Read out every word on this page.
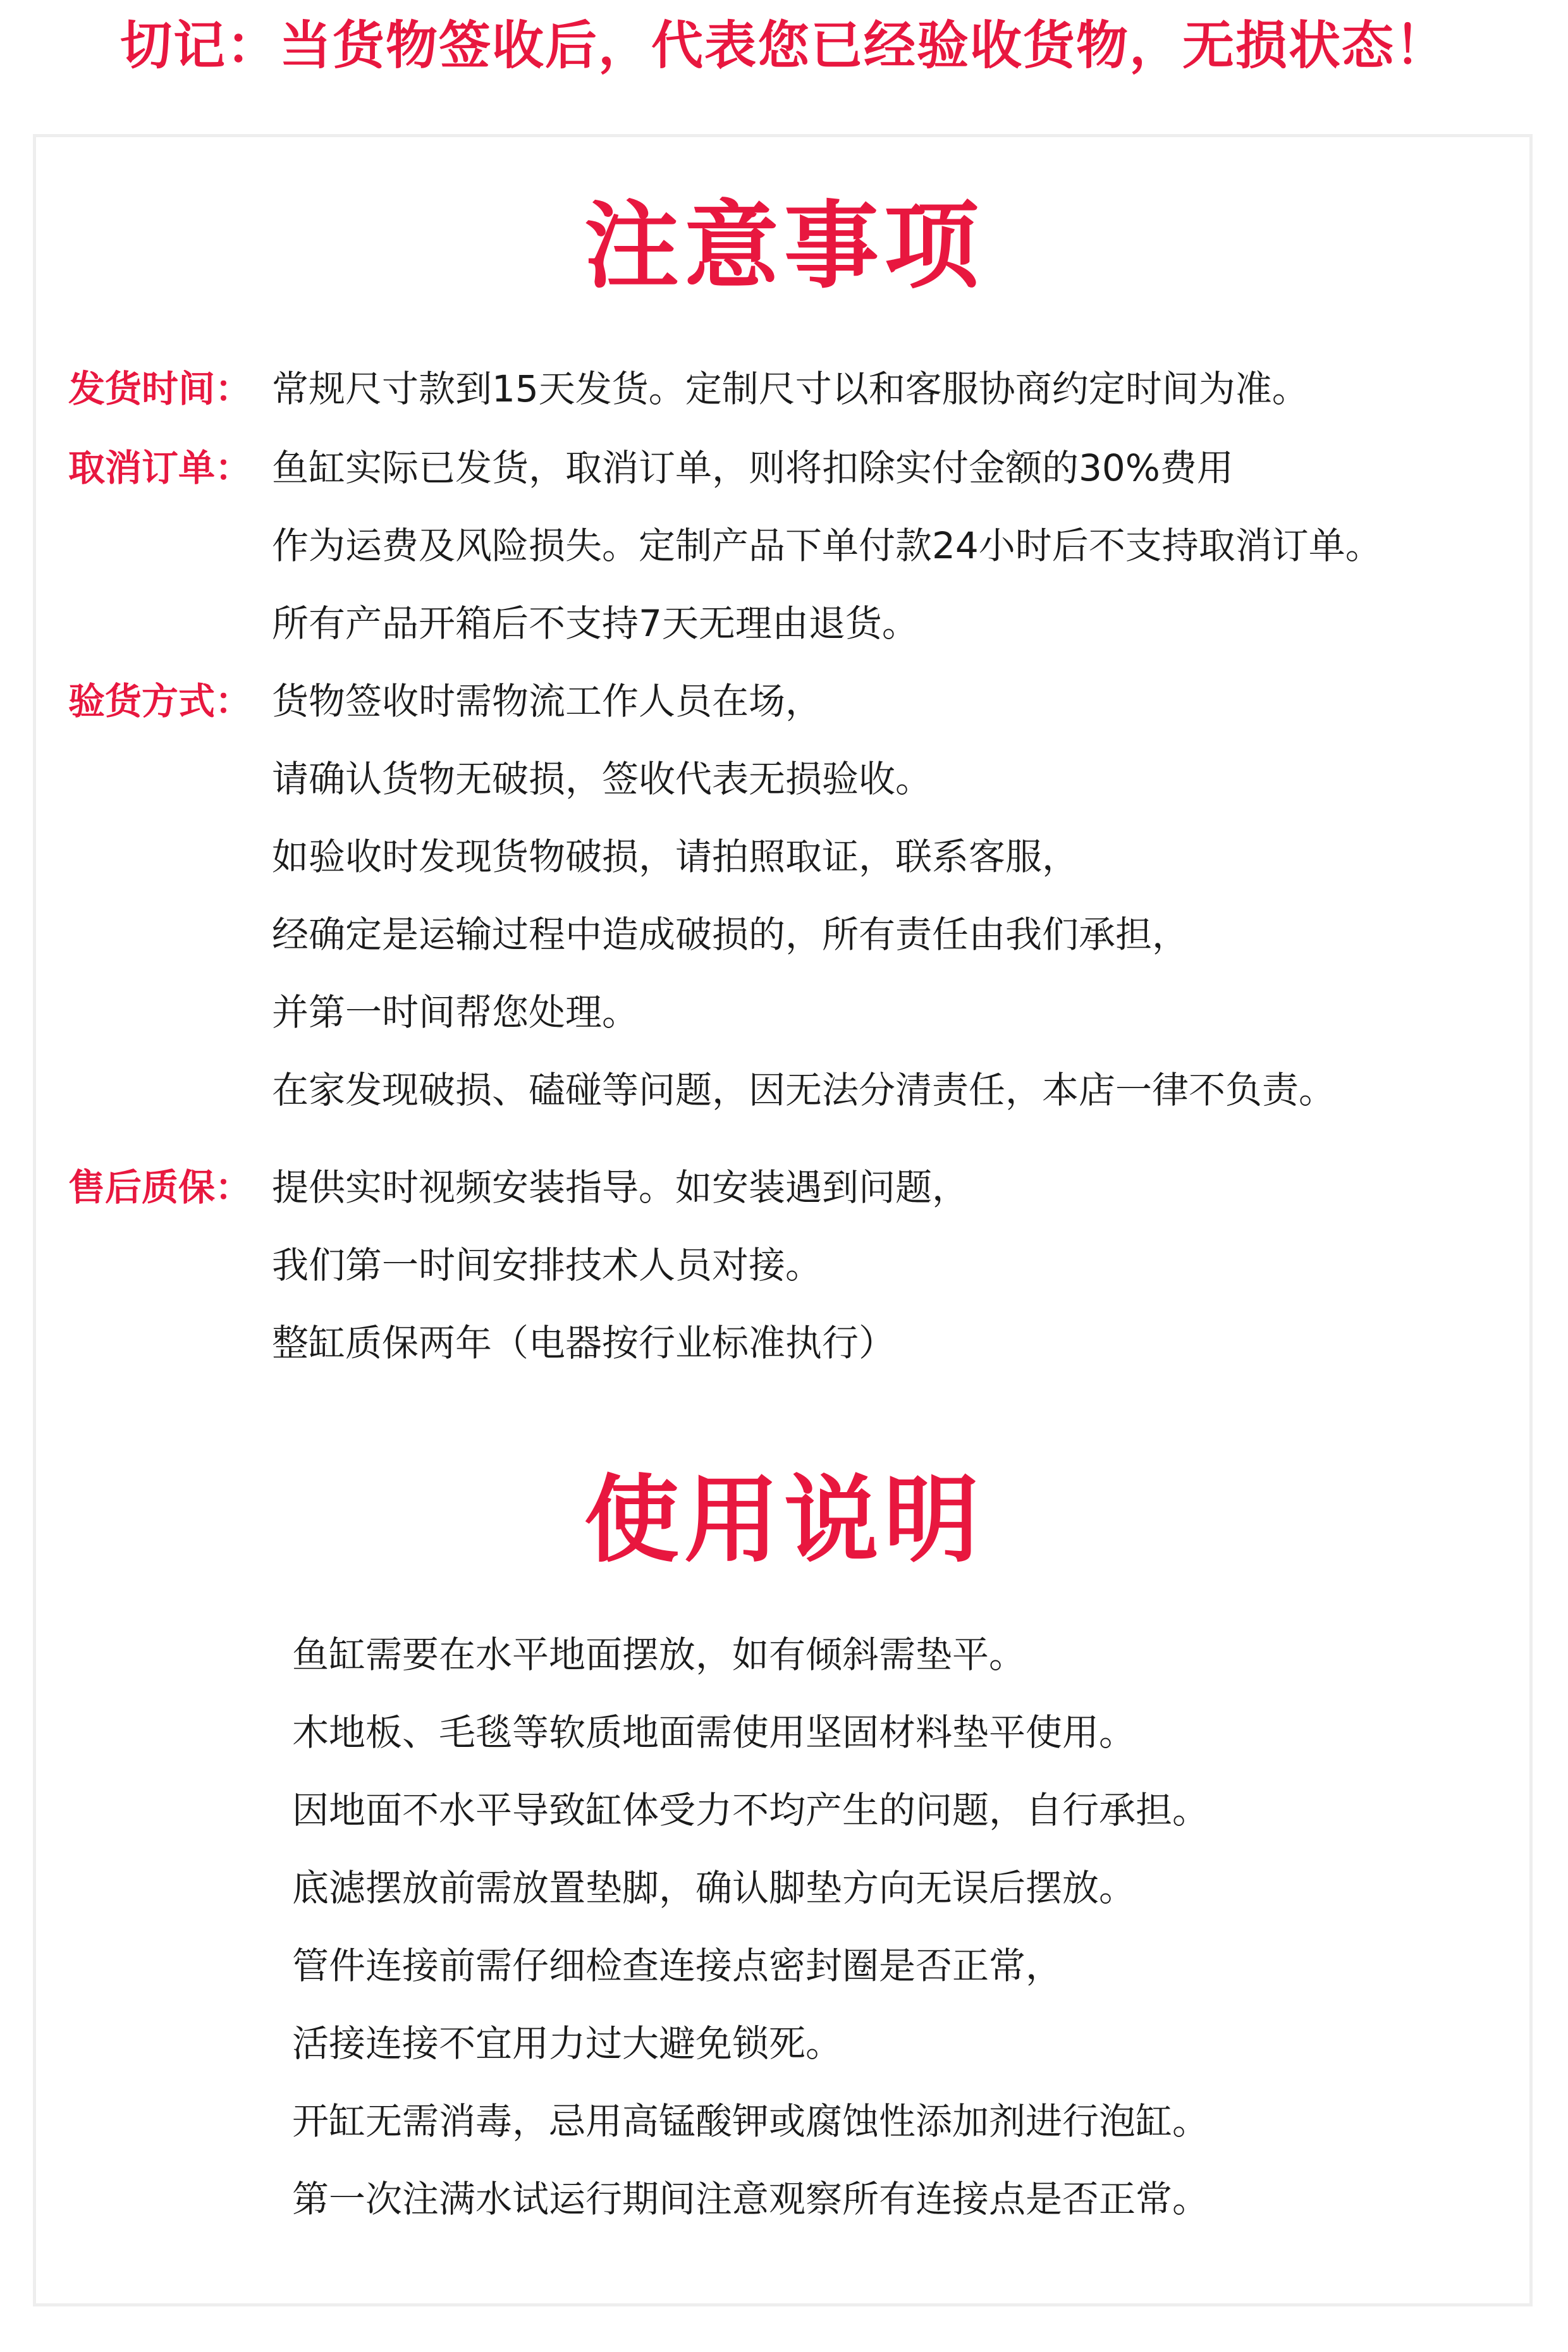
切记：当货物签收后，代表您已经验收货物，无损状态！
注意事项
发货时间： 常规尺寸款到15天发货。定制尺寸以和客服协商约定时间为准。
取消订单： 鱼缸实际已发货，取消订单，则将扣除实付金额的30%费用
作为运费及风险损失。定制产品下单付款24小时后不支持取消订单。
所有产品开箱后不支持7天无理由退货。
验货方式： 货物签收时需物流工作人员在场，
请确认货物无破损，签收代表无损验收。
如验收时发现货物破损，请拍照取证，联系客服，
经确定是运输过程中造成破损的，所有责任由我们承担，
并第一时间帮您处理。
在家发现破损、磕碰等问题，因无法分清责任，本店一律不负责。
售后质保： 提供实时视频安装指导。如安装遇到问题，
我们第一时间安排技术人员对接。
整缸质保两年（电器按行业标准执行）
使用说明
鱼缸需要在水平地面摆放，如有倾斜需垫平。
木地板、毛毯等软质地面需使用坚固材料垫平使用。
因地面不水平导致缸体受力不均产生的问题，自行承担。
底滤摆放前需放置垫脚，确认脚垫方向无误后摆放。
管件连接前需仔细检查连接点密封圈是否正常，
活接连接不宜用力过大避免锁死。
开缸无需消毒，忌用高锰酸钾或腐蚀性添加剂进行泡缸。
第一次注满水试运行期间注意观察所有连接点是否正常。
